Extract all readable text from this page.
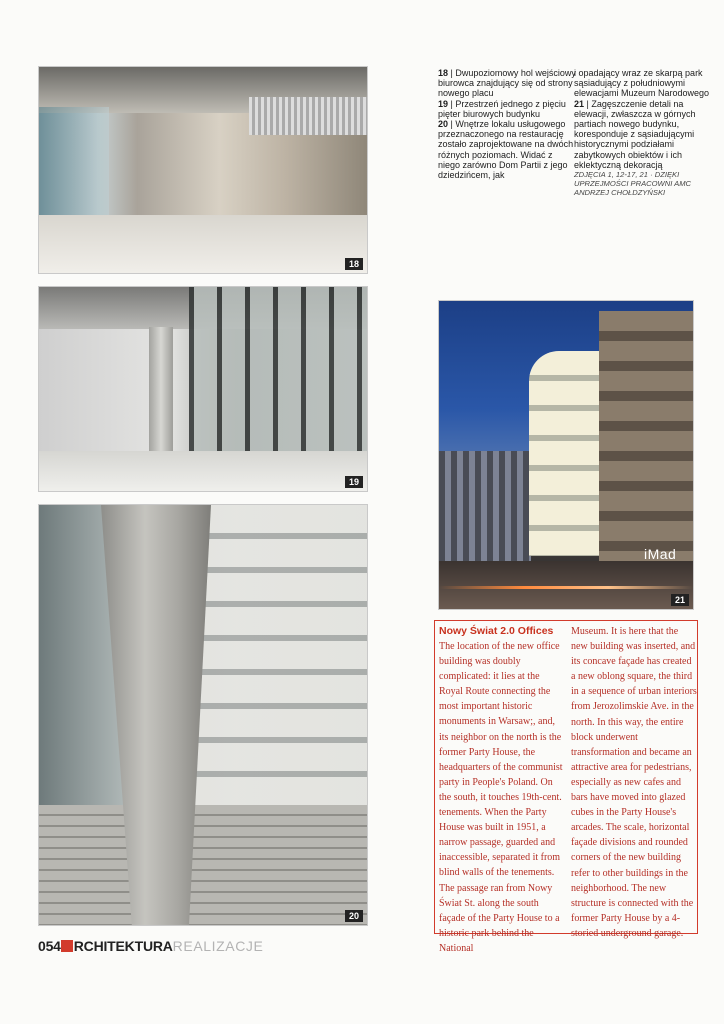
18
19
20
iMad
21
18 | Dwupoziomowy hol wejściowy biurowca znajdujący się od strony nowego placu
19 | Przestrzeń jednego z pięciu pięter biurowych budynku
20 | Wnętrze lokalu usługowego przeznaczonego na restaurację zostało zaprojektowane na dwóch różnych poziomach. Widać z niego zarówno Dom Partii z jego dziedzińcem, jak
i opadający wraz ze skarpą park sąsiadujący z południowymi elewacjami Muzeum Narodowego
21 | Zagęszczenie detali na elewacji, zwłaszcza w górnych partiach nowego budynku, koresponduje z sąsiadującymi historycznymi podziałami zabytkowych obiektów i ich eklektyczną dekoracją
ZDJĘCIA 1, 12-17, 21 · DZIĘKI UPRZEJMOŚCI PRACOWNI AMC ANDRZEJ CHOŁDZYŃSKI
Nowy Świat 2.0 Offices
The location of the new office building was doubly complicated: it lies at the Royal Route connecting the most important historic monuments in Warsaw;, and, its neighbor on the north is the former Party House, the headquarters of the communist party in People's Poland. On the south, it touches 19th-cent. tenements. When the Party House was built in 1951, a narrow passage, guarded and inaccessible, separated it from blind walls of the tenements. The passage ran from Nowy Świat St. along the south façade of the Party House to a historic park behind the National
Museum. It is here that the new building was inserted, and its concave façade has created a new oblong square, the third in a sequence of urban interiors from Jerozolimskie Ave. in the north. In this way, the entire block underwent transformation and became an attractive area for pedestrians, especially as new cafes and bars have moved into glazed cubes in the Party House's arcades. The scale, horizontal façade divisions and rounded corners of the new building refer to other buildings in the neighborhood. The new structure is connected with the former Party House by a 4-storied underground garage.
054 RCHITEKTURAREALIZACJE
